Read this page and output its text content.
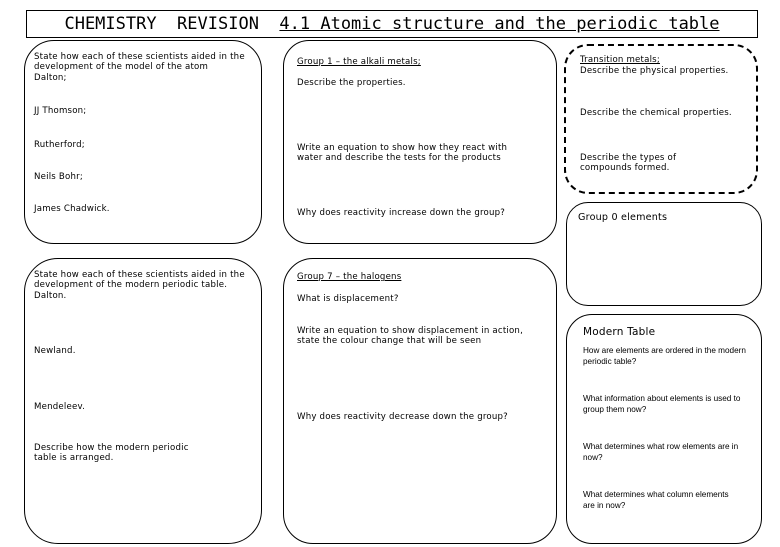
CHEMISTRY  REVISION  4.1 Atomic structure and the periodic table
State how each of these scientists aided in the development of the model of the atom
Dalton;
JJ Thomson;
Rutherford;
Neils Bohr;
James Chadwick.
State how each of these scientists aided in the development of the modern periodic table.
Dalton.
Newland.
Mendeleev.
Describe how the modern periodic table is arranged.
Group 1 – the alkali metals;
Describe the properties.
Write an equation to show how they react with water and describe the tests for the products
Why does reactivity increase down the group?
Group 7 – the halogens
What is displacement?
Write an equation to show displacement in action, state the colour change that will be seen
Why does reactivity decrease down the group?
Transition metals;
Describe the physical properties.
Describe the chemical properties.
Describe the types of compounds formed.
Group 0 elements
Modern Table
How are elements are ordered in the modern periodic table?
What information about elements is used to group them now?
What determines what row elements are in now?
What determines what column elements are in now?
